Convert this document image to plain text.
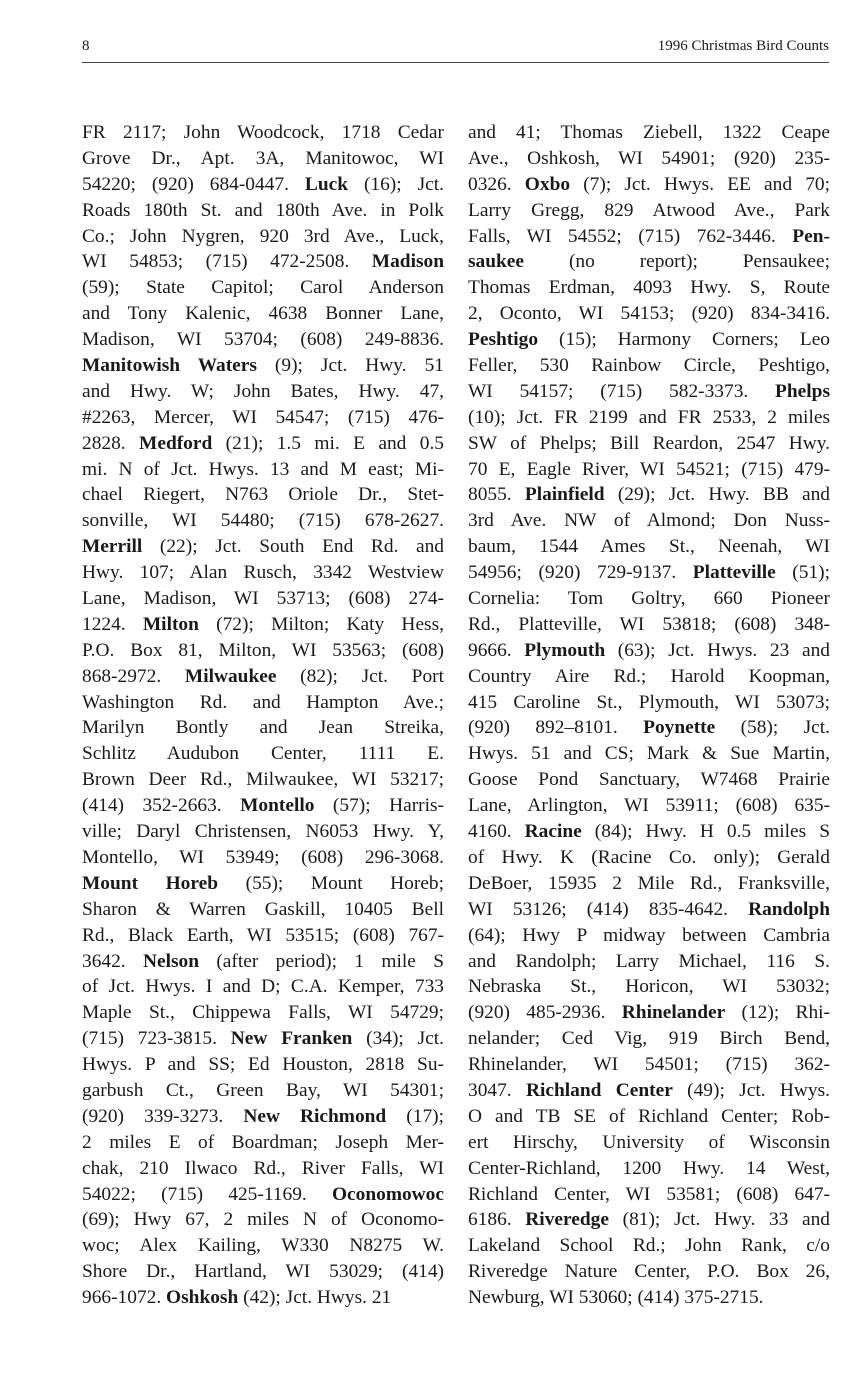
8	1996 Christmas Bird Counts
FR 2117; John Woodcock, 1718 Cedar
Grove Dr., Apt. 3A, Manitowoc, WI
54220; (920) 684-0447. Luck (16); Jct.
Roads 180th St. and 180th Ave. in Polk
Co.; John Nygren, 920 3rd Ave., Luck,
WI 54853; (715) 472-2508. Madison
(59); State Capitol; Carol Anderson
and Tony Kalenic, 4638 Bonner Lane,
Madison, WI 53704; (608) 249-8836.
Manitowish Waters (9); Jct. Hwy. 51
and Hwy. W; John Bates, Hwy. 47,
#2263, Mercer, WI 54547; (715) 476-
2828. Medford (21); 1.5 mi. E and 0.5
mi. N of Jct. Hwys. 13 and M east; Mi-
chael Riegert, N763 Oriole Dr., Stet-
sonville, WI 54480; (715) 678-2627.
Merrill (22); Jct. South End Rd. and
Hwy. 107; Alan Rusch, 3342 Westview
Lane, Madison, WI 53713; (608) 274-
1224. Milton (72); Milton; Katy Hess,
P.O. Box 81, Milton, WI 53563; (608)
868-2972. Milwaukee (82); Jct. Port
Washington Rd. and Hampton Ave.;
Marilyn Bontly and Jean Streika,
Schlitz Audubon Center, 1111 E.
Brown Deer Rd., Milwaukee, WI 53217;
(414) 352-2663. Montello (57); Harris-
ville; Daryl Christensen, N6053 Hwy. Y,
Montello, WI 53949; (608) 296-3068.
Mount Horeb (55); Mount Horeb;
Sharon & Warren Gaskill, 10405 Bell
Rd., Black Earth, WI 53515; (608) 767-
3642. Nelson (after period); 1 mile S
of Jct. Hwys. I and D; C.A. Kemper, 733
Maple St., Chippewa Falls, WI 54729;
(715) 723-3815. New Franken (34); Jct.
Hwys. P and SS; Ed Houston, 2818 Su-
garbush Ct., Green Bay, WI 54301;
(920) 339-3273. New Richmond (17);
2 miles E of Boardman; Joseph Mer-
chak, 210 Ilwaco Rd., River Falls, WI
54022; (715) 425-1169. Oconomowoc
(69); Hwy 67, 2 miles N of Oconomo-
woc; Alex Kailing, W330 N8275 W.
Shore Dr., Hartland, WI 53029; (414)
966-1072. Oshkosh (42); Jct. Hwys. 21
and 41; Thomas Ziebell, 1322 Ceape
Ave., Oshkosh, WI 54901; (920) 235-
0326. Oxbo (7); Jct. Hwys. EE and 70;
Larry Gregg, 829 Atwood Ave., Park
Falls, WI 54552; (715) 762-3446. Pen-
saukee (no report); Pensaukee;
Thomas Erdman, 4093 Hwy. S, Route
2, Oconto, WI 54153; (920) 834-3416.
Peshtigo (15); Harmony Corners; Leo
Feller, 530 Rainbow Circle, Peshtigo,
WI 54157; (715) 582-3373. Phelps
(10); Jct. FR 2199 and FR 2533, 2 miles
SW of Phelps; Bill Reardon, 2547 Hwy.
70 E, Eagle River, WI 54521; (715) 479-
8055. Plainfield (29); Jct. Hwy. BB and
3rd Ave. NW of Almond; Don Nuss-
baum, 1544 Ames St., Neenah, WI
54956; (920) 729-9137. Platteville (51);
Cornelia: Tom Goltry, 660 Pioneer
Rd., Platteville, WI 53818; (608) 348-
9666. Plymouth (63); Jct. Hwys. 23 and
Country Aire Rd.; Harold Koopman,
415 Caroline St., Plymouth, WI 53073;
(920) 892–8101. Poynette (58); Jct.
Hwys. 51 and CS; Mark & Sue Martin,
Goose Pond Sanctuary, W7468 Prairie
Lane, Arlington, WI 53911; (608) 635-
4160. Racine (84); Hwy. H 0.5 miles S
of Hwy. K (Racine Co. only); Gerald
DeBoer, 15935 2 Mile Rd., Franksville,
WI 53126; (414) 835-4642. Randolph
(64); Hwy P midway between Cambria
and Randolph; Larry Michael, 116 S.
Nebraska St., Horicon, WI 53032;
(920) 485-2936. Rhinelander (12); Rhi-
nelander; Ced Vig, 919 Birch Bend,
Rhinelander, WI 54501; (715) 362-
3047. Richland Center (49); Jct. Hwys.
O and TB SE of Richland Center; Rob-
ert Hirschy, University of Wisconsin
Center-Richland, 1200 Hwy. 14 West,
Richland Center, WI 53581; (608) 647-
6186. Riveredge (81); Jct. Hwy. 33 and
Lakeland School Rd.; John Rank, c/o
Riveredge Nature Center, P.O. Box 26,
Newburg, WI 53060; (414) 375-2715.
